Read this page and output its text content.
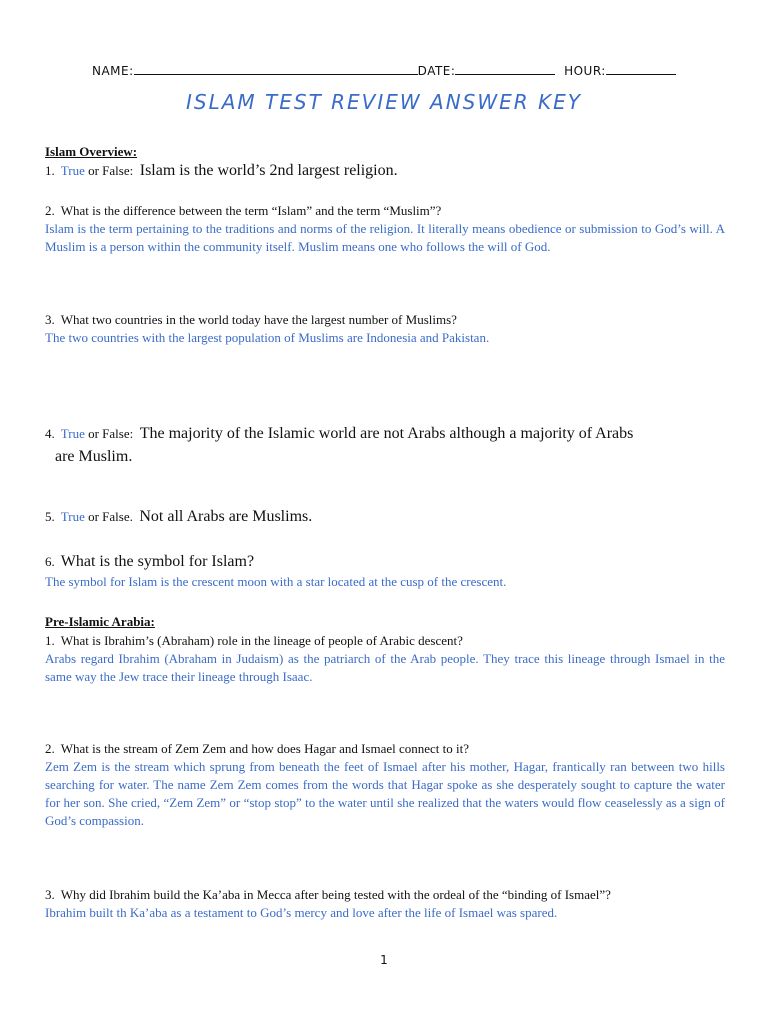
NAME:	DATE:	HOUR:
ISLAM TEST REVIEW ANSWER KEY
Islam Overview:
1. True or False: Islam is the world’s 2nd largest religion.
2. What is the difference between the term “Islam” and the term “Muslim”?
Islam is the term pertaining to the traditions and norms of the religion. It literally means obedience or submission to God’s will. A Muslim is a person within the community itself. Muslim means one who follows the will of God.
3. What two countries in the world today have the largest number of Muslims?
The two countries with the largest population of Muslims are Indonesia and Pakistan.
4. True or False: The majority of the Islamic world are not Arabs although a majority of Arabs
are Muslim.
5. True or False. Not all Arabs are Muslims.
6. What is the symbol for Islam?
The symbol for Islam is the crescent moon with a star located at the cusp of the crescent.
Pre-Islamic Arabia:
1. What is Ibrahim’s (Abraham) role in the lineage of people of Arabic descent?
Arabs regard Ibrahim (Abraham in Judaism) as the patriarch of the Arab people. They trace this lineage through Ismael in the same way the Jew trace their lineage through Isaac.
2. What is the stream of Zem Zem and how does Hagar and Ismael connect to it?
Zem Zem is the stream which sprung from beneath the feet of Ismael after his mother, Hagar, frantically ran between two hills searching for water. The name Zem Zem comes from the words that Hagar spoke as she desperately sought to capture the water for her son. She cried, “Zem Zem” or “stop stop” to the water until she realized that the waters would flow ceaselessly as a sign of God’s compassion.
3. Why did Ibrahim build the Ka’aba in Mecca after being tested with the ordeal of the “binding of Ismael”?
Ibrahim built th Ka’aba as a testament to God’s mercy and love after the life of Ismael was spared.
1
